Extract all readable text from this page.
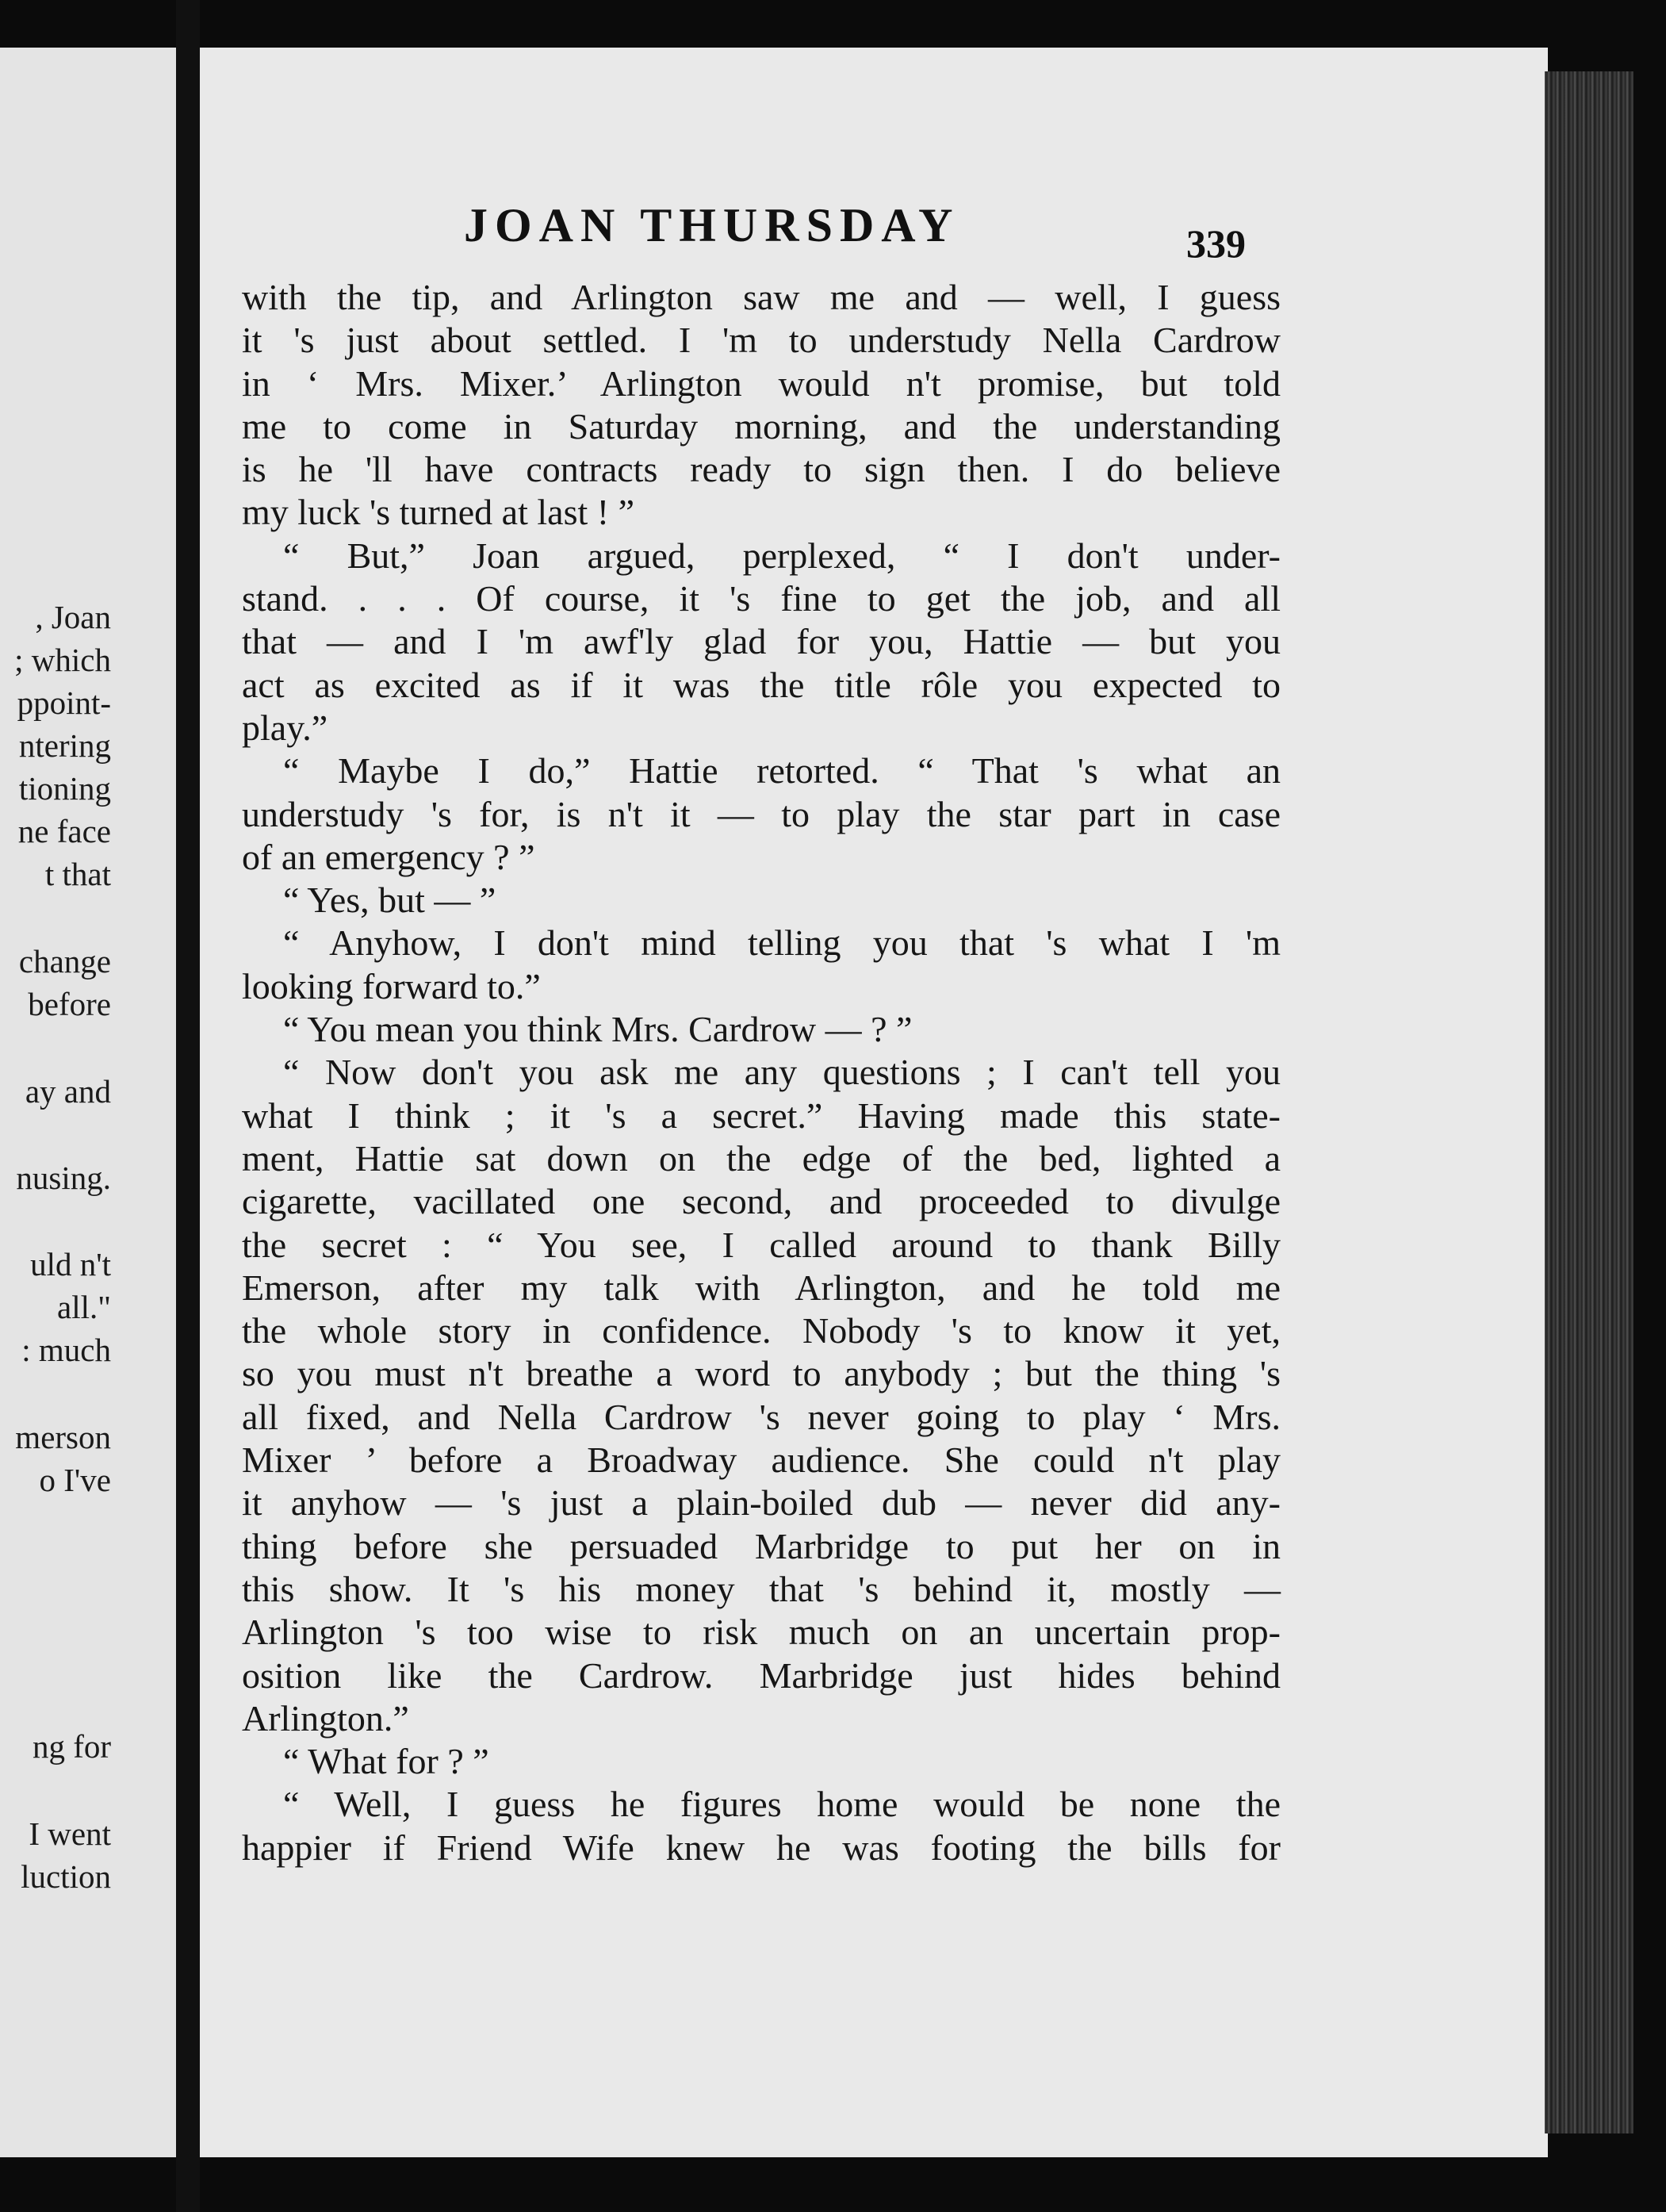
, Joan
; which
ppoint-
ntering
tioning
ne face
t that
change
before
ay and
nusing.
uld n't
all."
: much
merson
o I've
ng for
I went
luction
JOAN THURSDAY	339
with the tip, and Arlington saw me and — well, I guess
it 's just about settled. I 'm to understudy Nella Cardrow
in ‘ Mrs. Mixer.’ Arlington would n't promise, but told
me to come in Saturday morning, and the understanding
is he 'll have contracts ready to sign then. I do believe
my luck 's turned at last ! ”
“ But,” Joan argued, perplexed, “ I don't under-
stand. . . . Of course, it 's fine to get the job, and all
that — and I 'm awf'ly glad for you, Hattie — but you
act as excited as if it was the title rôle you expected to
play.”
“ Maybe I do,” Hattie retorted. “ That 's what an
understudy 's for, is n't it — to play the star part in case
of an emergency ? ”
“ Yes, but — ”
“ Anyhow, I don't mind telling you that 's what I 'm
looking forward to.”
“ You mean you think Mrs. Cardrow — ? ”
“ Now don't you ask me any questions ; I can't tell you
what I think ; it 's a secret.” Having made this state-
ment, Hattie sat down on the edge of the bed, lighted a
cigarette, vacillated one second, and proceeded to divulge
the secret : “ You see, I called around to thank Billy
Emerson, after my talk with Arlington, and he told me
the whole story in confidence. Nobody 's to know it yet,
so you must n't breathe a word to anybody ; but the thing 's
all fixed, and Nella Cardrow 's never going to play ‘ Mrs.
Mixer ’ before a Broadway audience. She could n't play
it anyhow — 's just a plain-boiled dub — never did any-
thing before she persuaded Marbridge to put her on in
this show. It 's his money that 's behind it, mostly —
Arlington 's too wise to risk much on an uncertain prop-
osition like the Cardrow. Marbridge just hides behind
Arlington.”
“ What for ? ”
“ Well, I guess he figures home would be none the
happier if Friend Wife knew he was footing the bills for
